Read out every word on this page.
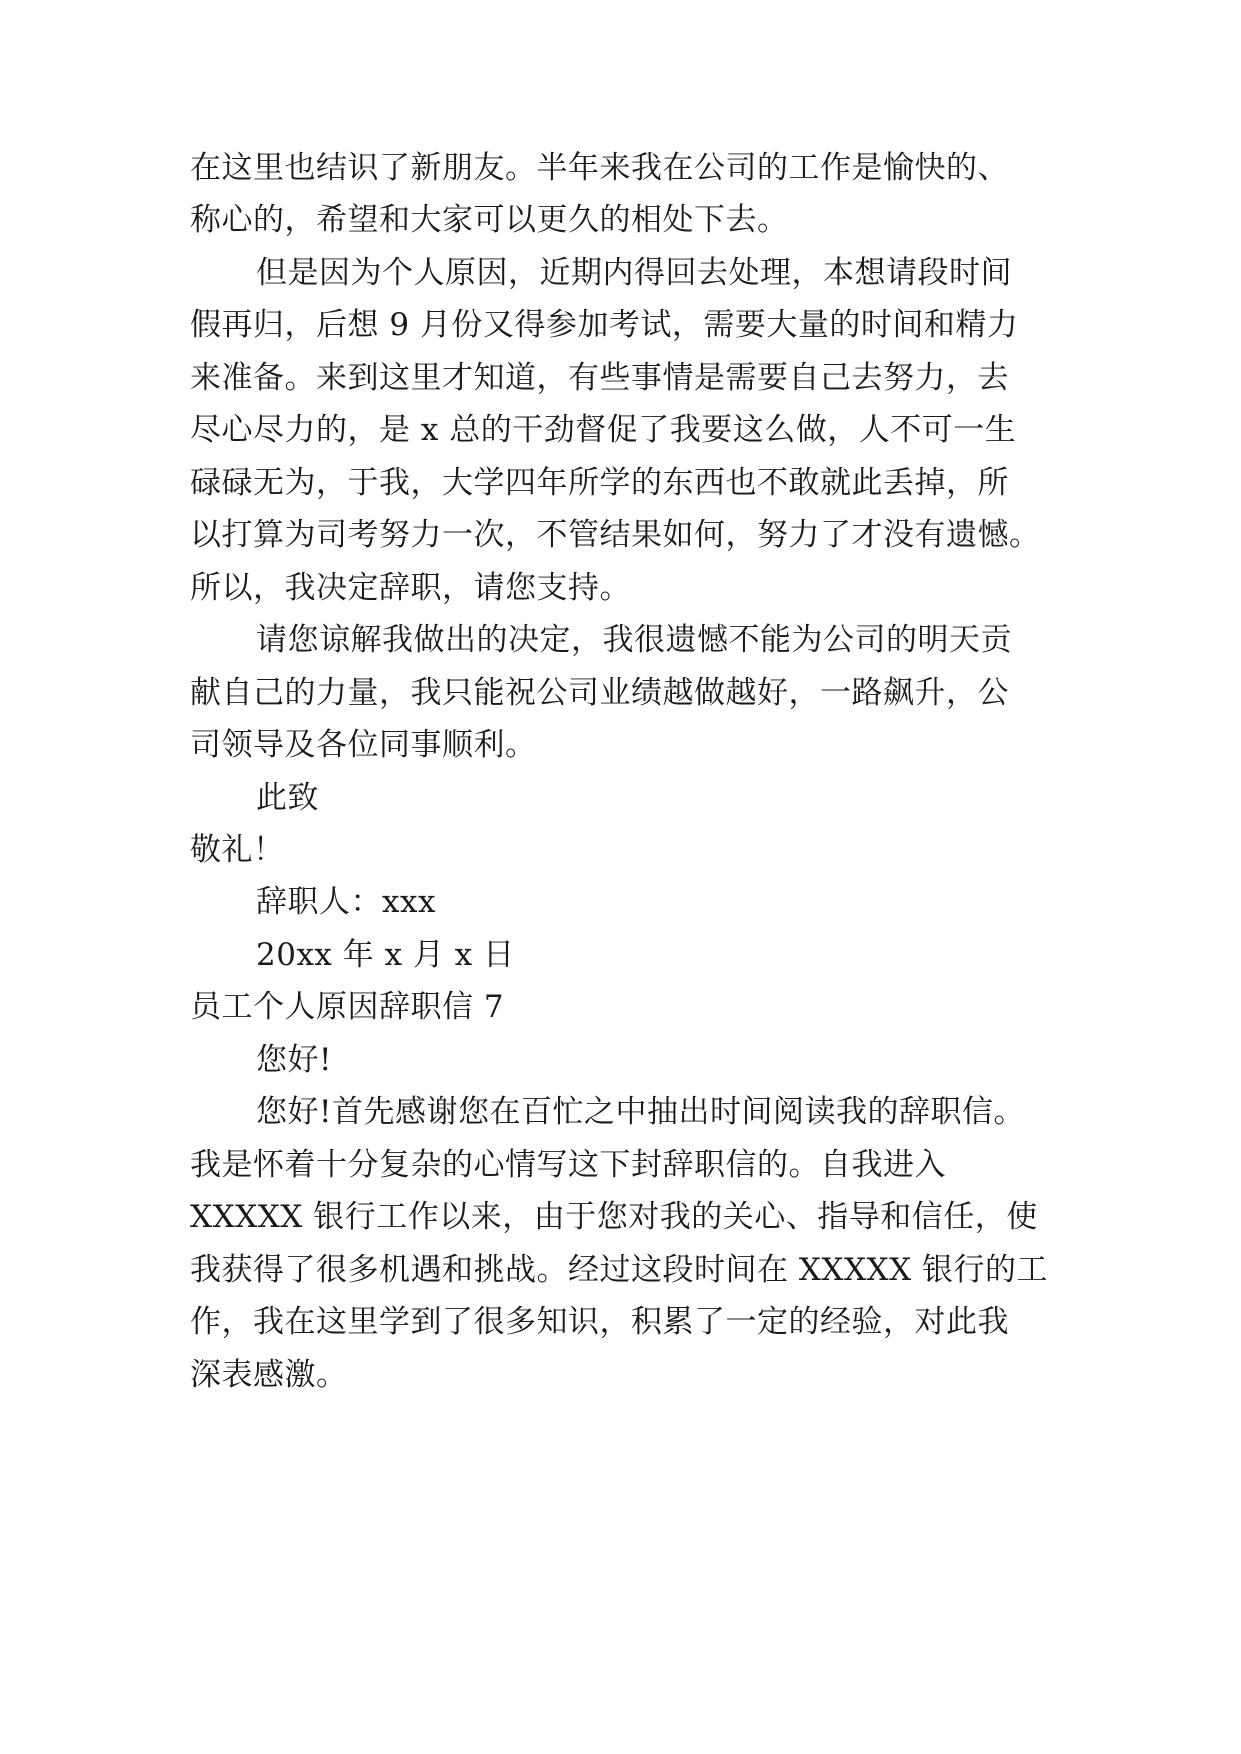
在这里也结识了新朋友。半年来我在公司的工作是愉快的、
称心的，希望和大家可以更久的相处下去。
但是因为个人原因，近期内得回去处理，本想请段时间
假再归，后想 9 月份又得参加考试，需要大量的时间和精力
来准备。来到这里才知道，有些事情是需要自己去努力，去
尽心尽力的，是 x 总的干劲督促了我要这么做，人不可一生
碌碌无为，于我，大学四年所学的东西也不敢就此丢掉，所
以打算为司考努力一次，不管结果如何，努力了才没有遗憾。
所以，我决定辞职，请您支持。
请您谅解我做出的决定，我很遗憾不能为公司的明天贡
献自己的力量，我只能祝公司业绩越做越好，一路飙升，公
司领导及各位同事顺利。
此致
敬礼！
辞职人：xxx
20xx 年 x 月 x 日
员工个人原因辞职信 7
您好!
您好!首先感谢您在百忙之中抽出时间阅读我的辞职信。
我是怀着十分复杂的心情写这下封辞职信的。自我进入
XXXXX 银行工作以来，由于您对我的关心、指导和信任，使
我获得了很多机遇和挑战。经过这段时间在 XXXXX 银行的工
作，我在这里学到了很多知识，积累了一定的经验，对此我
深表感激。
